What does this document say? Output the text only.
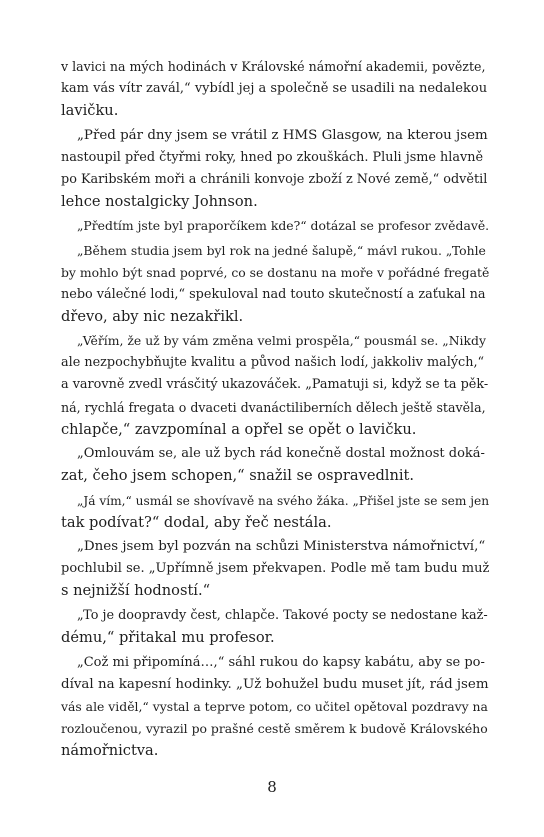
v lavici na mých hodinách v Královské námořní akademii, povězte,
kam vás vítr zavál,“ vybídl jej a společně se usadili na nedalekou
lavičku.
„Před pár dny jsem se vrátil z HMS Glasgow, na kterou jsem
nastoupil před čtyřmi roky, hned po zkouškách. Pluli jsme hlavně
po Karibském moři a chránili konvoje zboží z Nové země,“ odvětil
lehce nostalgicky Johnson.
„Předtím jste byl praporčíkem kde?“ dotázal se profesor zvědavě.
„Během studia jsem byl rok na jedné šalupě,“ mávl rukou. „Tohle
by mohlo být snad poprvé, co se dostanu na moře v pořádné fregatě
nebo válečné lodi,“ spekuloval nad touto skutečností a zaťukal na
dřevo, aby nic nezakřikl.
„Věřím, že už by vám změna velmi prospěla,“ pousmál se. „Nikdy
ale nezpochybňujte kvalitu a původ našich lodí, jakkoliv malých,“
a varovně zvedl vrásčitý ukazováček. „Pamatuji si, když se ta pěk-
ná, rychlá fregata o dvaceti dvanáctiliberních dělech ještě stavěla,
chlapče,“ zavzpomínal a opřel se opět o lavičku.
„Omlouvám se, ale už bych rád konečně dostal možnost doká-
zat, čeho jsem schopen,“ snažil se ospravedlnit.
„Já vím,“ usmál se shovívavě na svého žáka. „Přišel jste se sem jen
tak podívat?“ dodal, aby řeč nestála.
„Dnes jsem byl pozván na schůzi Ministerstva námořnictví,“
pochlubil se. „Upřímně jsem překvapen. Podle mě tam budu muž
s nejnižší hodností.“
„To je doopravdy čest, chlapče. Takové pocty se nedostane kaž-
dému,“ přitakal mu profesor.
„Což mi připomíná…,“ sáhl rukou do kapsy kabátu, aby se po-
díval na kapesní hodinky. „Už bohužel budu muset jít, rád jsem
vás ale viděl,“ vystal a teprve potom, co učitel opětoval pozdravy na
rozloučenou, vyrazil po prašné cestě směrem k budově Královského
námořnictva.
8
